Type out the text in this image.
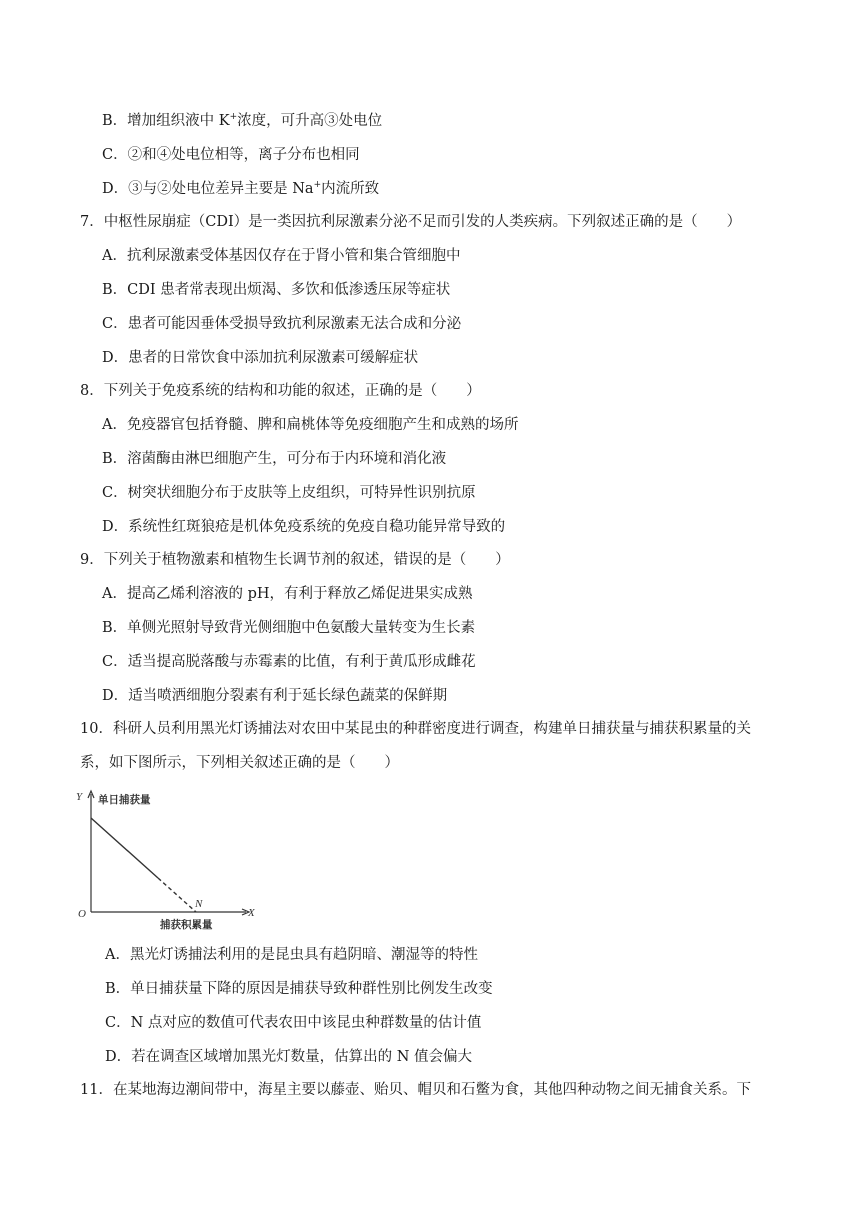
B．增加组织液中 K+浓度，可升高③处电位
C．②和④处电位相等，离子分布也相同
D．③与②处电位差异主要是 Na+内流所致
7．中枢性尿崩症（CDI）是一类因抗利尿激素分泌不足而引发的人类疾病。下列叙述正确的是（　　）
A．抗利尿激素受体基因仅存在于肾小管和集合管细胞中
B．CDI 患者常表现出烦渴、多饮和低渗透压尿等症状
C．患者可能因垂体受损导致抗利尿激素无法合成和分泌
D．患者的日常饮食中添加抗利尿激素可缓解症状
8．下列关于免疫系统的结构和功能的叙述，正确的是（　　）
A．免疫器官包括脊髓、脾和扁桃体等免疫细胞产生和成熟的场所
B．溶菌酶由淋巴细胞产生，可分布于内环境和消化液
C．树突状细胞分布于皮肤等上皮组织，可特异性识别抗原
D．系统性红斑狼疮是机体免疫系统的免疫自稳功能异常导致的
9．下列关于植物激素和植物生长调节剂的叙述，错误的是（　　）
A．提高乙烯利溶液的 pH，有利于释放乙烯促进果实成熟
B．单侧光照射导致背光侧细胞中色氨酸大量转变为生长素
C．适当提高脱落酸与赤霉素的比值，有利于黄瓜形成雌花
D．适当喷洒细胞分裂素有利于延长绿色蔬菜的保鲜期
10．科研人员利用黑光灯诱捕法对农田中某昆虫的种群密度进行调查，构建单日捕获量与捕获积累量的关
系，如下图所示，下列相关叙述正确的是（　　）
Y 单日捕获量
O
N
X
捕获积累量
A．黑光灯诱捕法利用的是昆虫具有趋阴暗、潮湿等的特性
B．单日捕获量下降的原因是捕获导致种群性别比例发生改变
C．N 点对应的数值可代表农田中该昆虫种群数量的估计值
D．若在调查区域增加黑光灯数量，估算出的 N 值会偏大
11．在某地海边潮间带中，海星主要以藤壶、贻贝、帽贝和石鳖为食，其他四种动物之间无捕食关系。下
